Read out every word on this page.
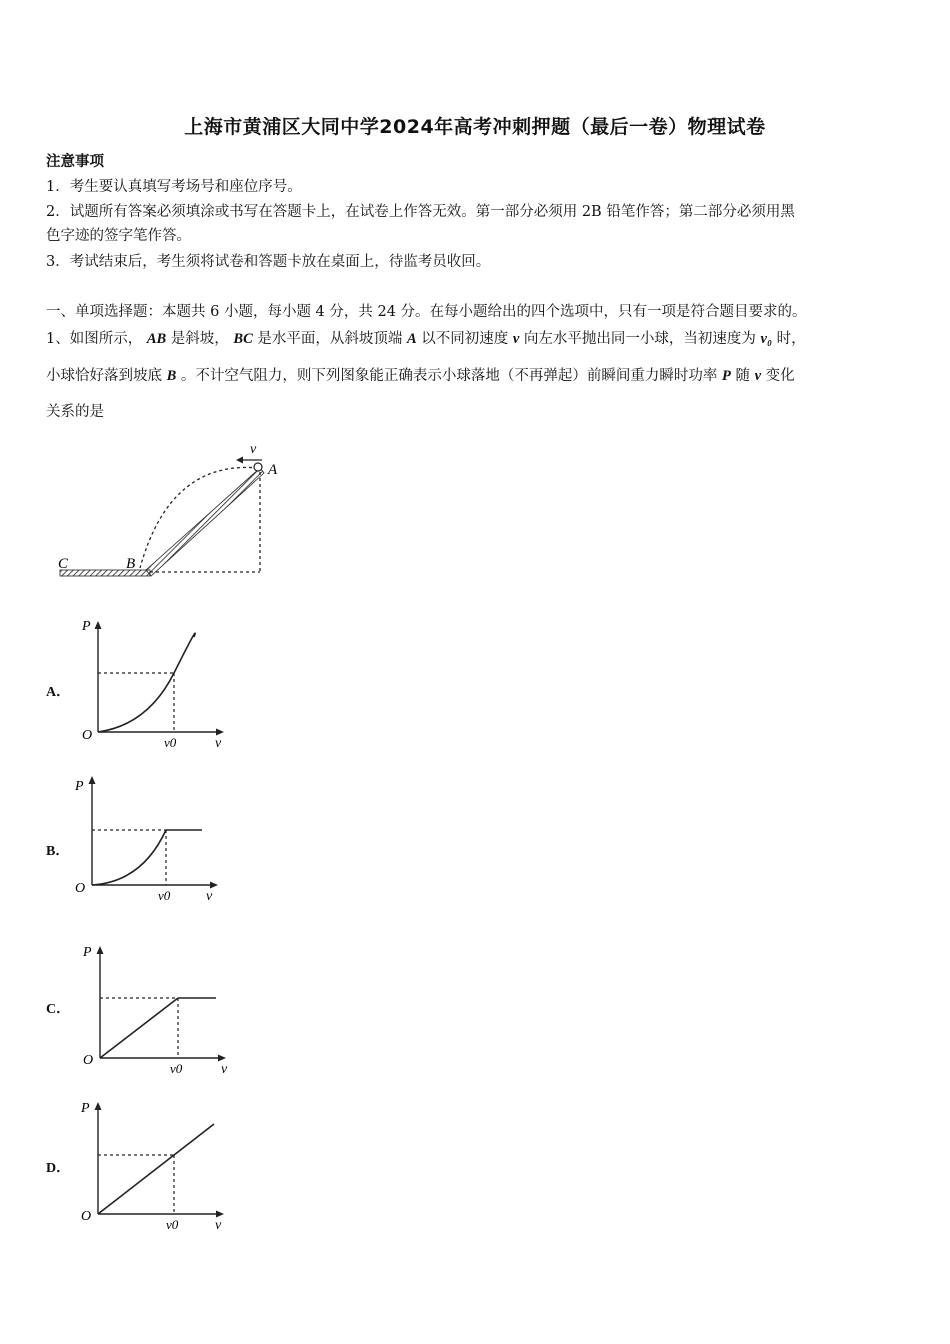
上海市黄浦区大同中学2024年高考冲刺押题（最后一卷）物理试卷
注意事项
1．考生要认真填写考场号和座位序号。
2．试题所有答案必须填涂或书写在答题卡上，在试卷上作答无效。第一部分必须用 2B 铅笔作答；第二部分必须用黑
色字迹的签字笔作答。
3．考试结束后，考生须将试卷和答题卡放在桌面上，待监考员收回。
一、单项选择题：本题共 6 小题，每小题 4 分，共 24 分。在每小题给出的四个选项中，只有一项是符合题目要求的。
1、如图所示， AB 是斜坡， BC 是水平面，从斜坡顶端 A 以不同初速度 v 向左水平抛出同一小球，当初速度为 v₀ 时，
小球恰好落到坡底 B 。不计空气阻力，则下列图象能正确表示小球落地（不再弹起）前瞬间重力瞬时功率 P 随 v 变化
关系的是
v
A
B
C
A．
P
O	v0	v
B．
P
O	v0	v
C．
P
O
v0	v
D．
P
O
v0	v
